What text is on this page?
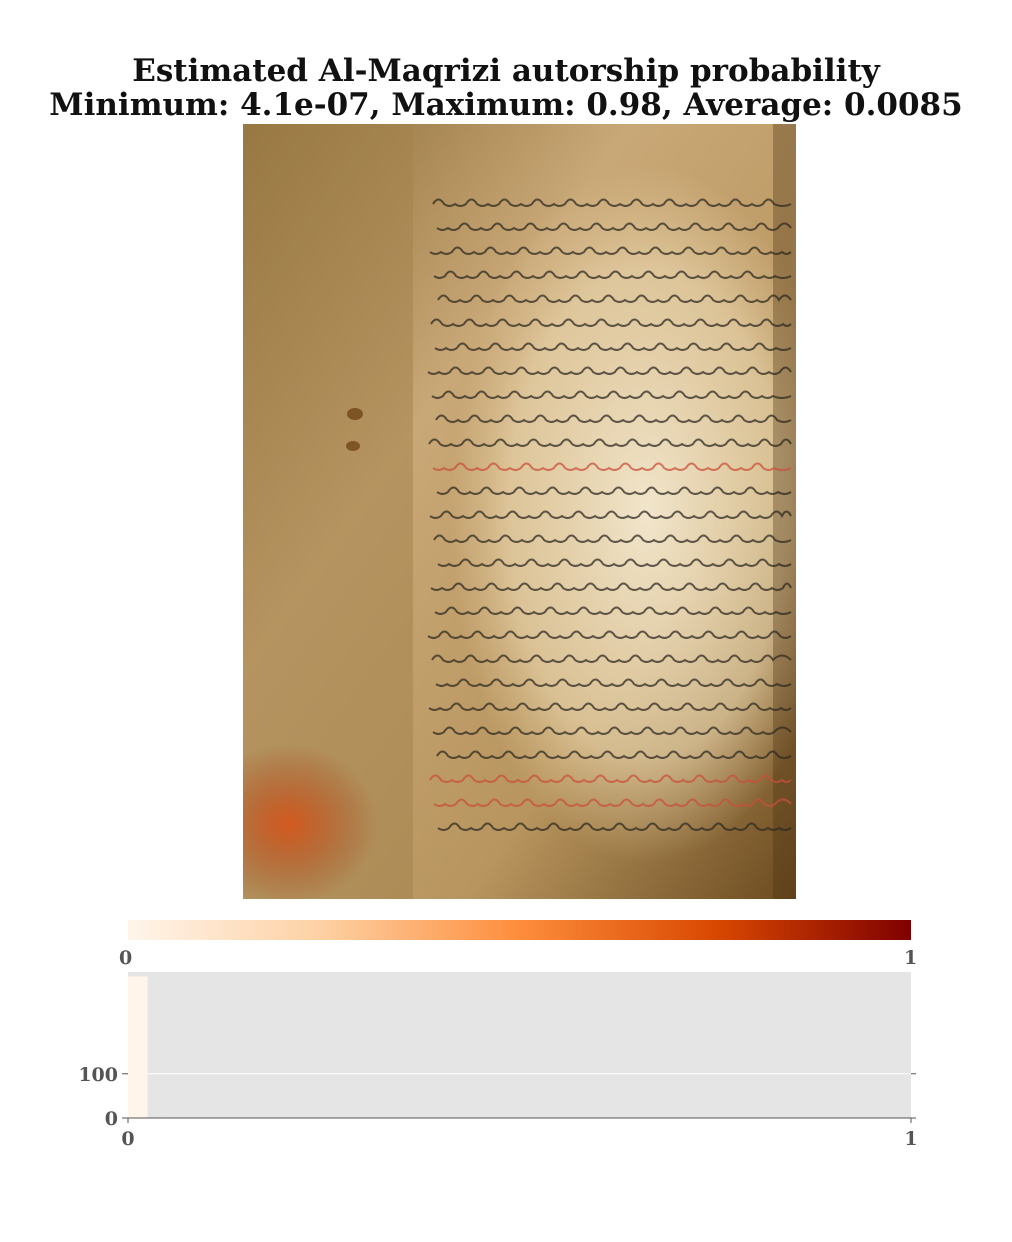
Estimated Al-Maqrizi autorship probability
Minimum: 4.1e-07, Maximum: 0.98, Average: 0.0085
0	1
0
100
0	1
